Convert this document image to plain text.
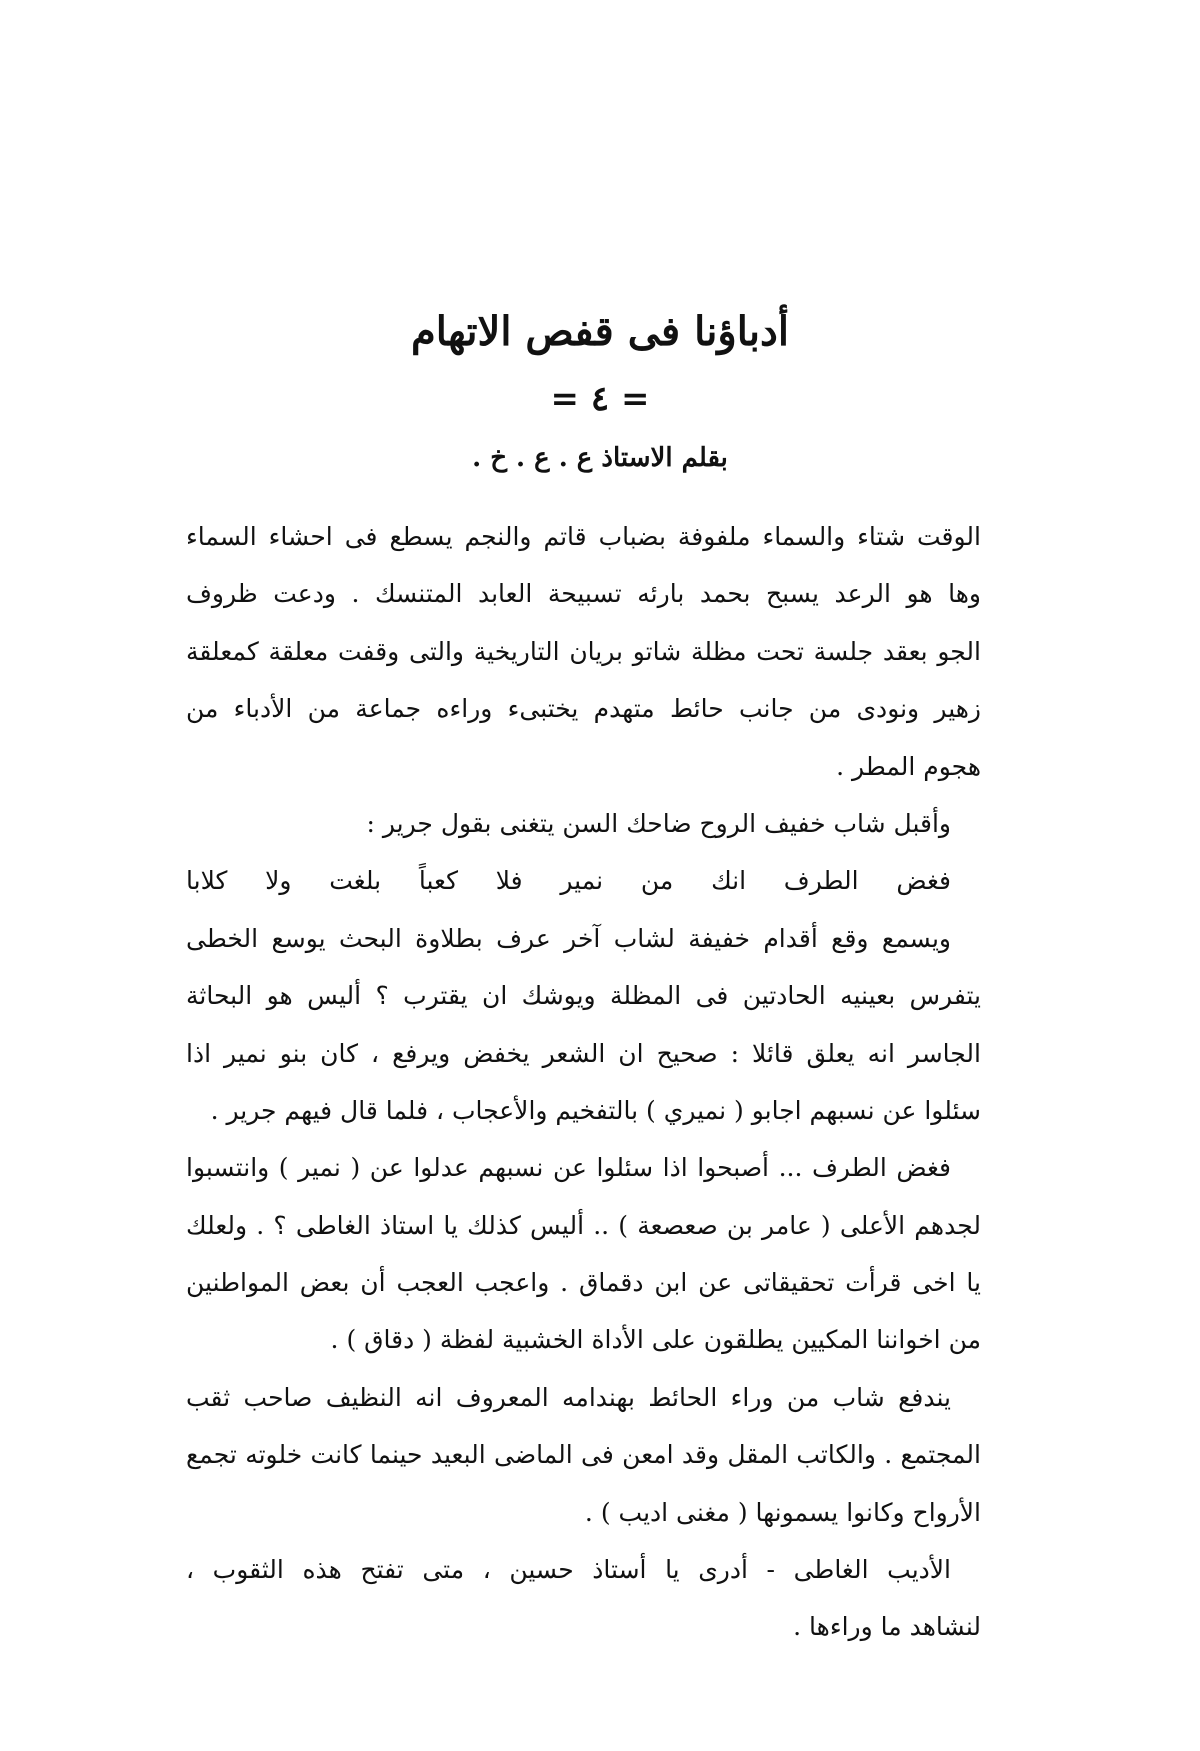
أدباؤنا فى قفص الاتهام
= ٤ =
بقلم الاستاذ ع . ع . خ .
الوقت شتاء والسماء ملفوفة بضباب قاتم والنجم يسطع فى احشاء السماء
وها هو الرعد يسبح بحمد بارئه تسبيحة العابد المتنسك . ودعت ظروف
الجو بعقد جلسة تحت مظلة شاتو بريان التاريخية والتى وقفت معلقة كمعلقة
زهير ونودى من جانب حائط متهدم يختبىء وراءه جماعة من الأدباء من
هجوم المطر .
وأقبل شاب خفيف الروح ضاحك السن يتغنى بقول جرير :
فغض الطرف انك من نمير فلا كعباً بلغت ولا كلابا
ويسمع وقع أقدام خفيفة لشاب آخر عرف بطلاوة البحث يوسع الخطى
يتفرس بعينيه الحادتين فى المظلة ويوشك ان يقترب ؟ أليس هو البحاثة
الجاسر انه يعلق قائلا : صحيح ان الشعر يخفض ويرفع ، كان بنو نمير اذا
سئلوا عن نسبهم اجابو ( نميري ) بالتفخيم والأعجاب ، فلما قال فيهم جرير .
فغض الطرف ... أصبحوا اذا سئلوا عن نسبهم عدلوا عن ( نمير ) وانتسبوا
لجدهم الأعلى ( عامر بن صعصعة ) .. أليس كذلك يا استاذ الغاطى ؟ . ولعلك
يا اخى قرأت تحقيقاتى عن ابن دقماق . واعجب العجب أن بعض المواطنين
من اخواننا المكيين يطلقون على الأداة الخشبية لفظة ( دقاق ) .
يندفع شاب من وراء الحائط بهندامه المعروف انه النظيف صاحب ثقب
المجتمع . والكاتب المقل وقد امعن فى الماضى البعيد حينما كانت خلوته تجمع
الأرواح وكانوا يسمونها ( مغنى اديب ) .
الأديب الغاطى - أدرى يا أستاذ حسين ، متى تفتح هذه الثقوب ،
لنشاهد ما وراءها .
